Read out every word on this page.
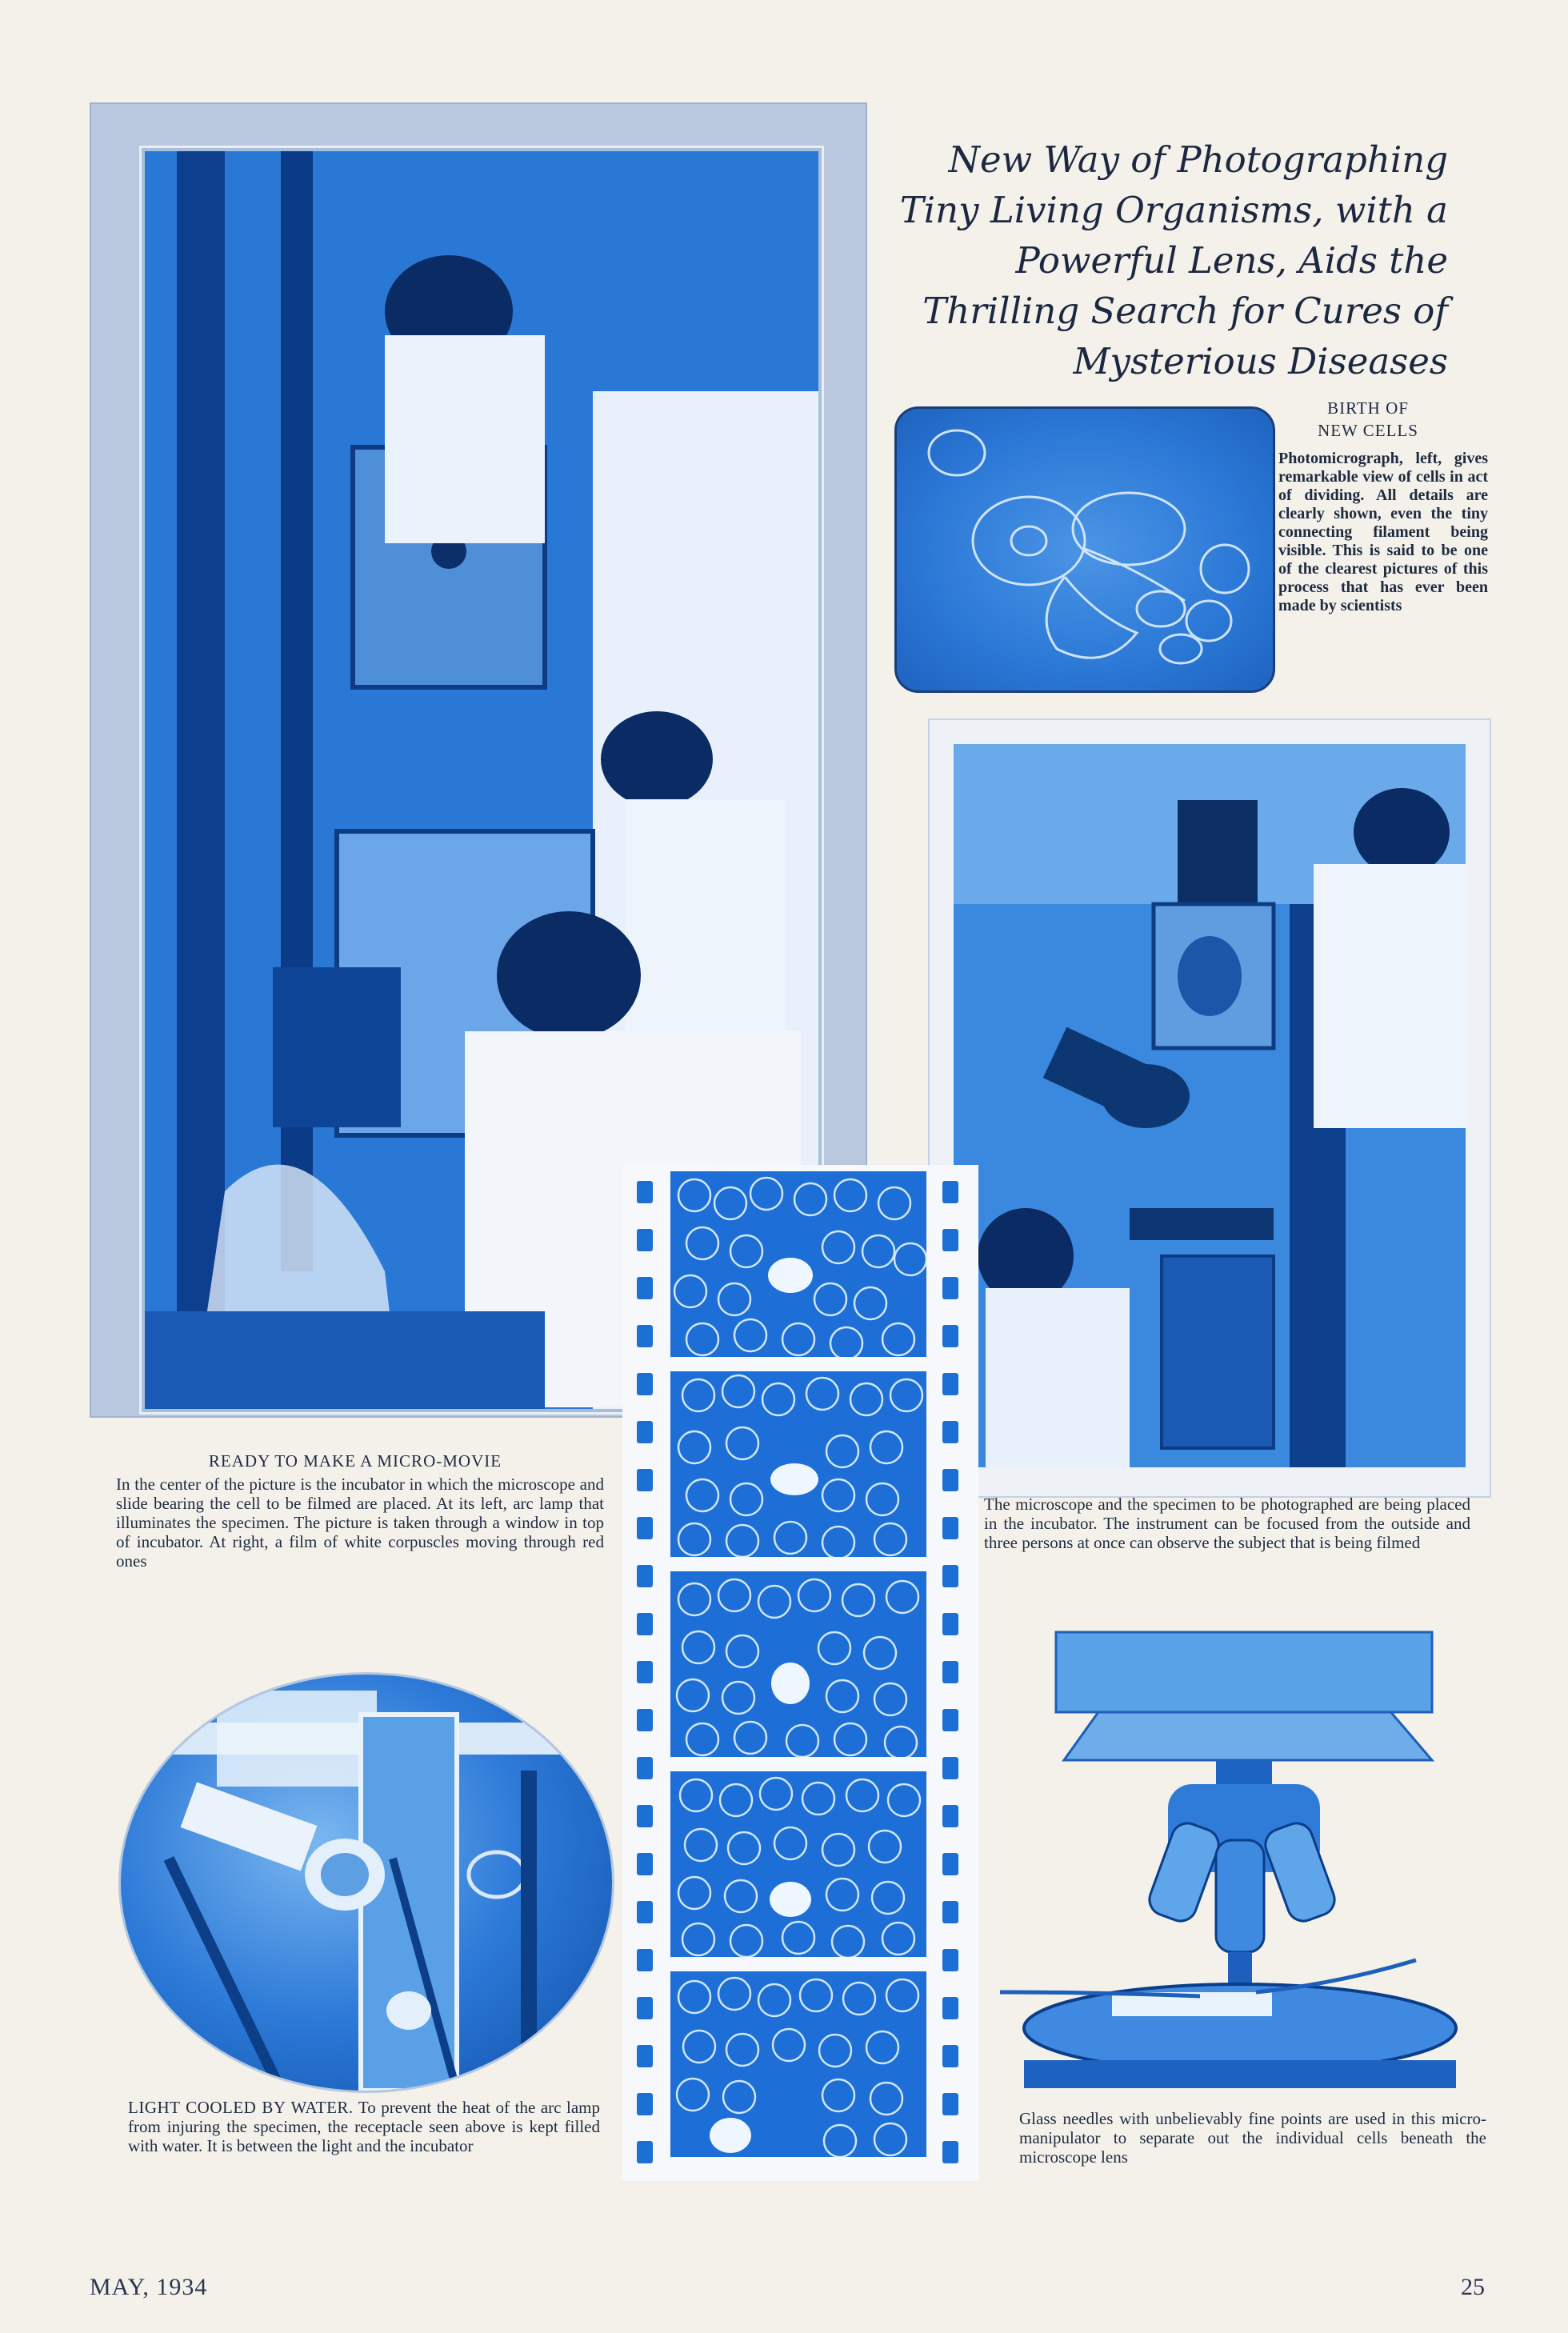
New Way of Photographing Tiny Living Organisms, with a Powerful Lens, Aids the Thrilling Search for Cures of Mysterious Diseases
BIRTH OF
NEW CELLS
Photomicrograph, left, gives remarkable view of cells in act of dividing. All details are clearly shown, even the tiny connecting filament being visible. This is said to be one of the clearest pictures of this process that has ever been made by scientists
READY TO MAKE A MICRO-MOVIE
In the center of the picture is the incubator in which the microscope and slide bearing the cell to be filmed are placed. At its left, arc lamp that illuminates the specimen. The picture is taken through a window in top of incubator. At right, a film of white corpuscles moving through red ones
LIGHT COOLED BY WATER. To prevent the heat of the arc lamp from injuring the specimen, the receptacle seen above is kept filled with water. It is between the light and the incubator
The microscope and the specimen to be photographed are being placed in the incubator. The instrument can be focused from the outside and three persons at once can observe the subject that is being filmed
Glass needles with unbelievably fine points are used in this micro-manipulator to separate out the individual cells beneath the microscope lens
MAY, 1934	25
